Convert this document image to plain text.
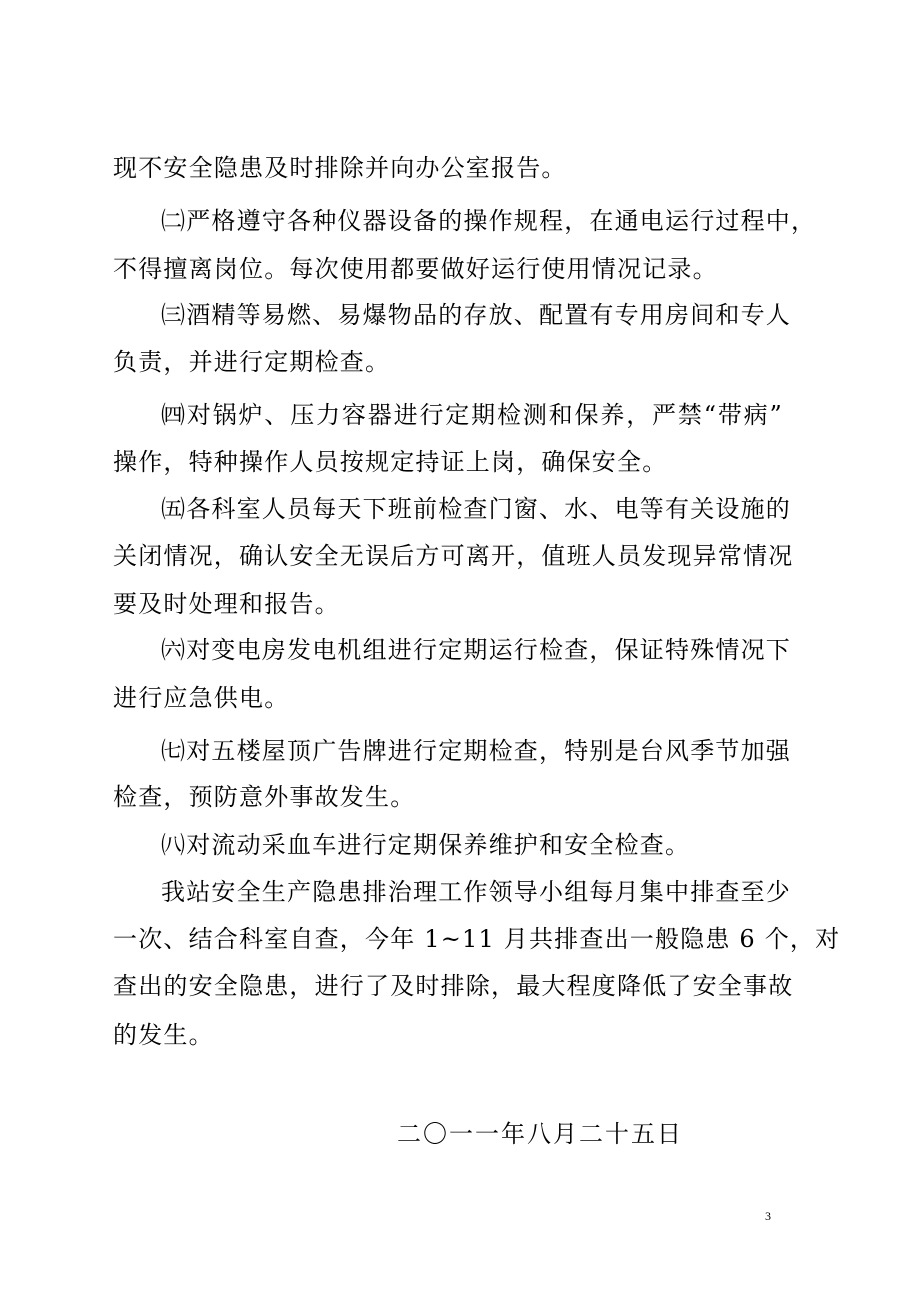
现不安全隐患及时排除并向办公室报告。
㈡严格遵守各种仪器设备的操作规程，在通电运行过程中，
不得擅离岗位。每次使用都要做好运行使用情况记录。
㈢酒精等易燃、易爆物品的存放、配置有专用房间和专人
负责，并进行定期检查。
㈣对锅炉、压力容器进行定期检测和保养，严禁“带病”
操作，特种操作人员按规定持证上岗，确保安全。
㈤各科室人员每天下班前检查门窗、水、电等有关设施的
关闭情况，确认安全无误后方可离开，值班人员发现异常情况
要及时处理和报告。
㈥对变电房发电机组进行定期运行检查，保证特殊情况下
进行应急供电。
㈦对五楼屋顶广告牌进行定期检查，特别是台风季节加强
检查，预防意外事故发生。
㈧对流动采血车进行定期保养维护和安全检查。
我站安全生产隐患排治理工作领导小组每月集中排查至少
一次、结合科室自查，今年 1~11 月共排查出一般隐患 6 个，对
查出的安全隐患，进行了及时排除，最大程度降低了安全事故
的发生。
二〇一一年八月二十五日
3
